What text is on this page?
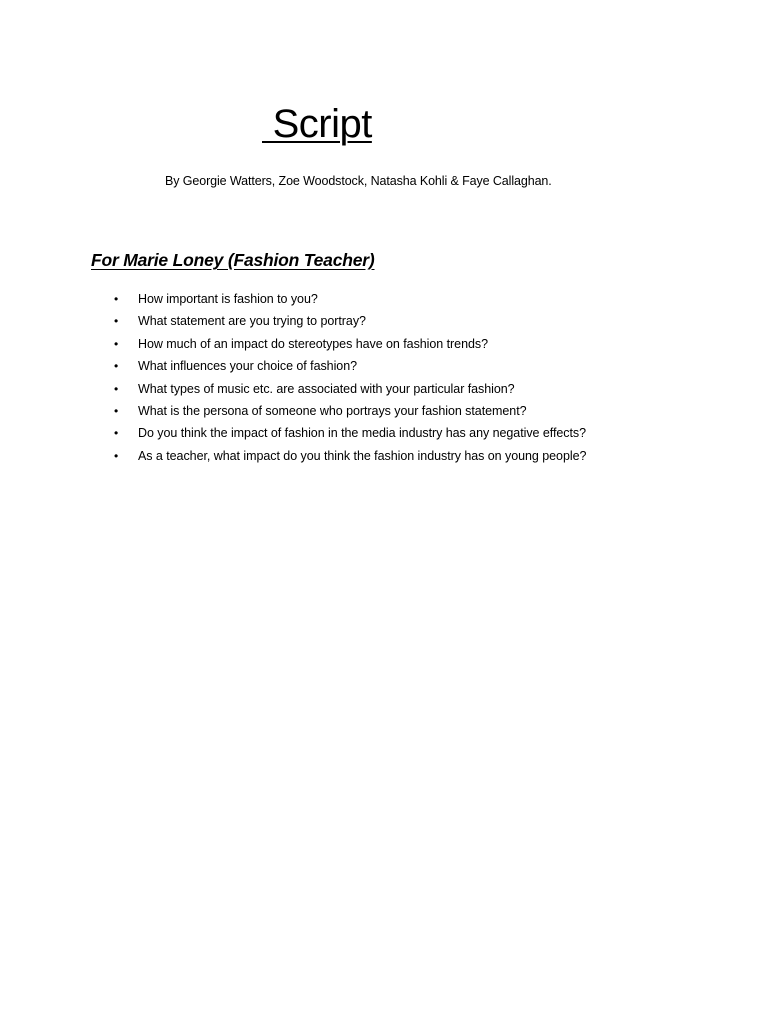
Script
By Georgie Watters, Zoe Woodstock, Natasha Kohli & Faye Callaghan.
For Marie Loney (Fashion Teacher)
• How important is fashion to you?
• What statement are you trying to portray?
• How much of an impact do stereotypes have on fashion trends?
• What influences your choice of fashion?
• What types of music etc. are associated with your particular fashion?
• What is the persona of someone who portrays your fashion statement?
• Do you think the impact of fashion in the media industry has any negative effects?
• As a teacher, what impact do you think the fashion industry has on young people?
